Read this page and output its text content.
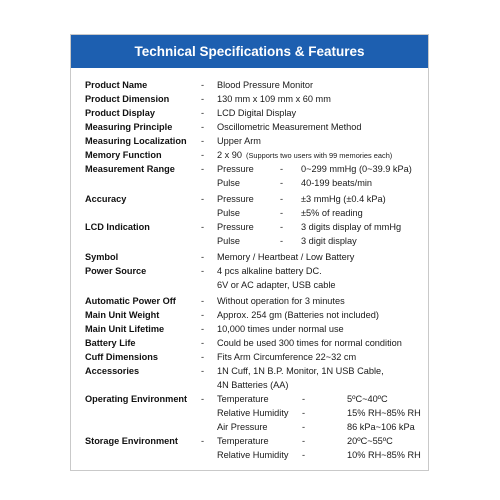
Technical Specifications & Features
Product Name	- Blood Pressure Monitor
Product Dimension	- 130 mm x 109 mm x 60 mm
Product Display	- LCD Digital Display
Measuring Principle	- Oscillometric Measurement Method
Measuring Localization - Upper Arm
Memory Function	- 2 x 90 (Supports two users with 99 memories each)
Measurement Range	- Pressure	- 0~299 mmHg (0~39.9 kPa)
Pulse	- 40-199 beats/min
Accuracy	- Pressure	- ±3 mmHg (±0.4 kPa)
Pulse	- ±5% of reading
LCD Indication	- Pressure	- 3 digits display of mmHg
Pulse	- 3 digit display
Symbol	- Memory / Heartbeat / Low Battery
Power Source	- 4 pcs alkaline battery DC.
6V or AC adapter, USB cable
Automatic Power Off	- Without operation for 3 minutes
Main Unit Weight	- Approx. 254 gm (Batteries not included)
Main Unit Lifetime	- 10,000 times under normal use
Battery Life	- Could be used 300 times for normal condition
Cuff Dimensions	- Fits Arm Circumference 22~32 cm
Accessories	- 1N Cuff, 1N B.P. Monitor, 1N USB Cable,
4N Batteries (AA)
Operating Environment - Temperature	-	5ºC~40ºC
Relative Humidity -	15% RH~85% RH
Air Pressure	-	86 kPa~106 kPa
Storage Environment	- Temperature	-	20ºC~55ºC
Relative Humidity -	10% RH~85% RH
